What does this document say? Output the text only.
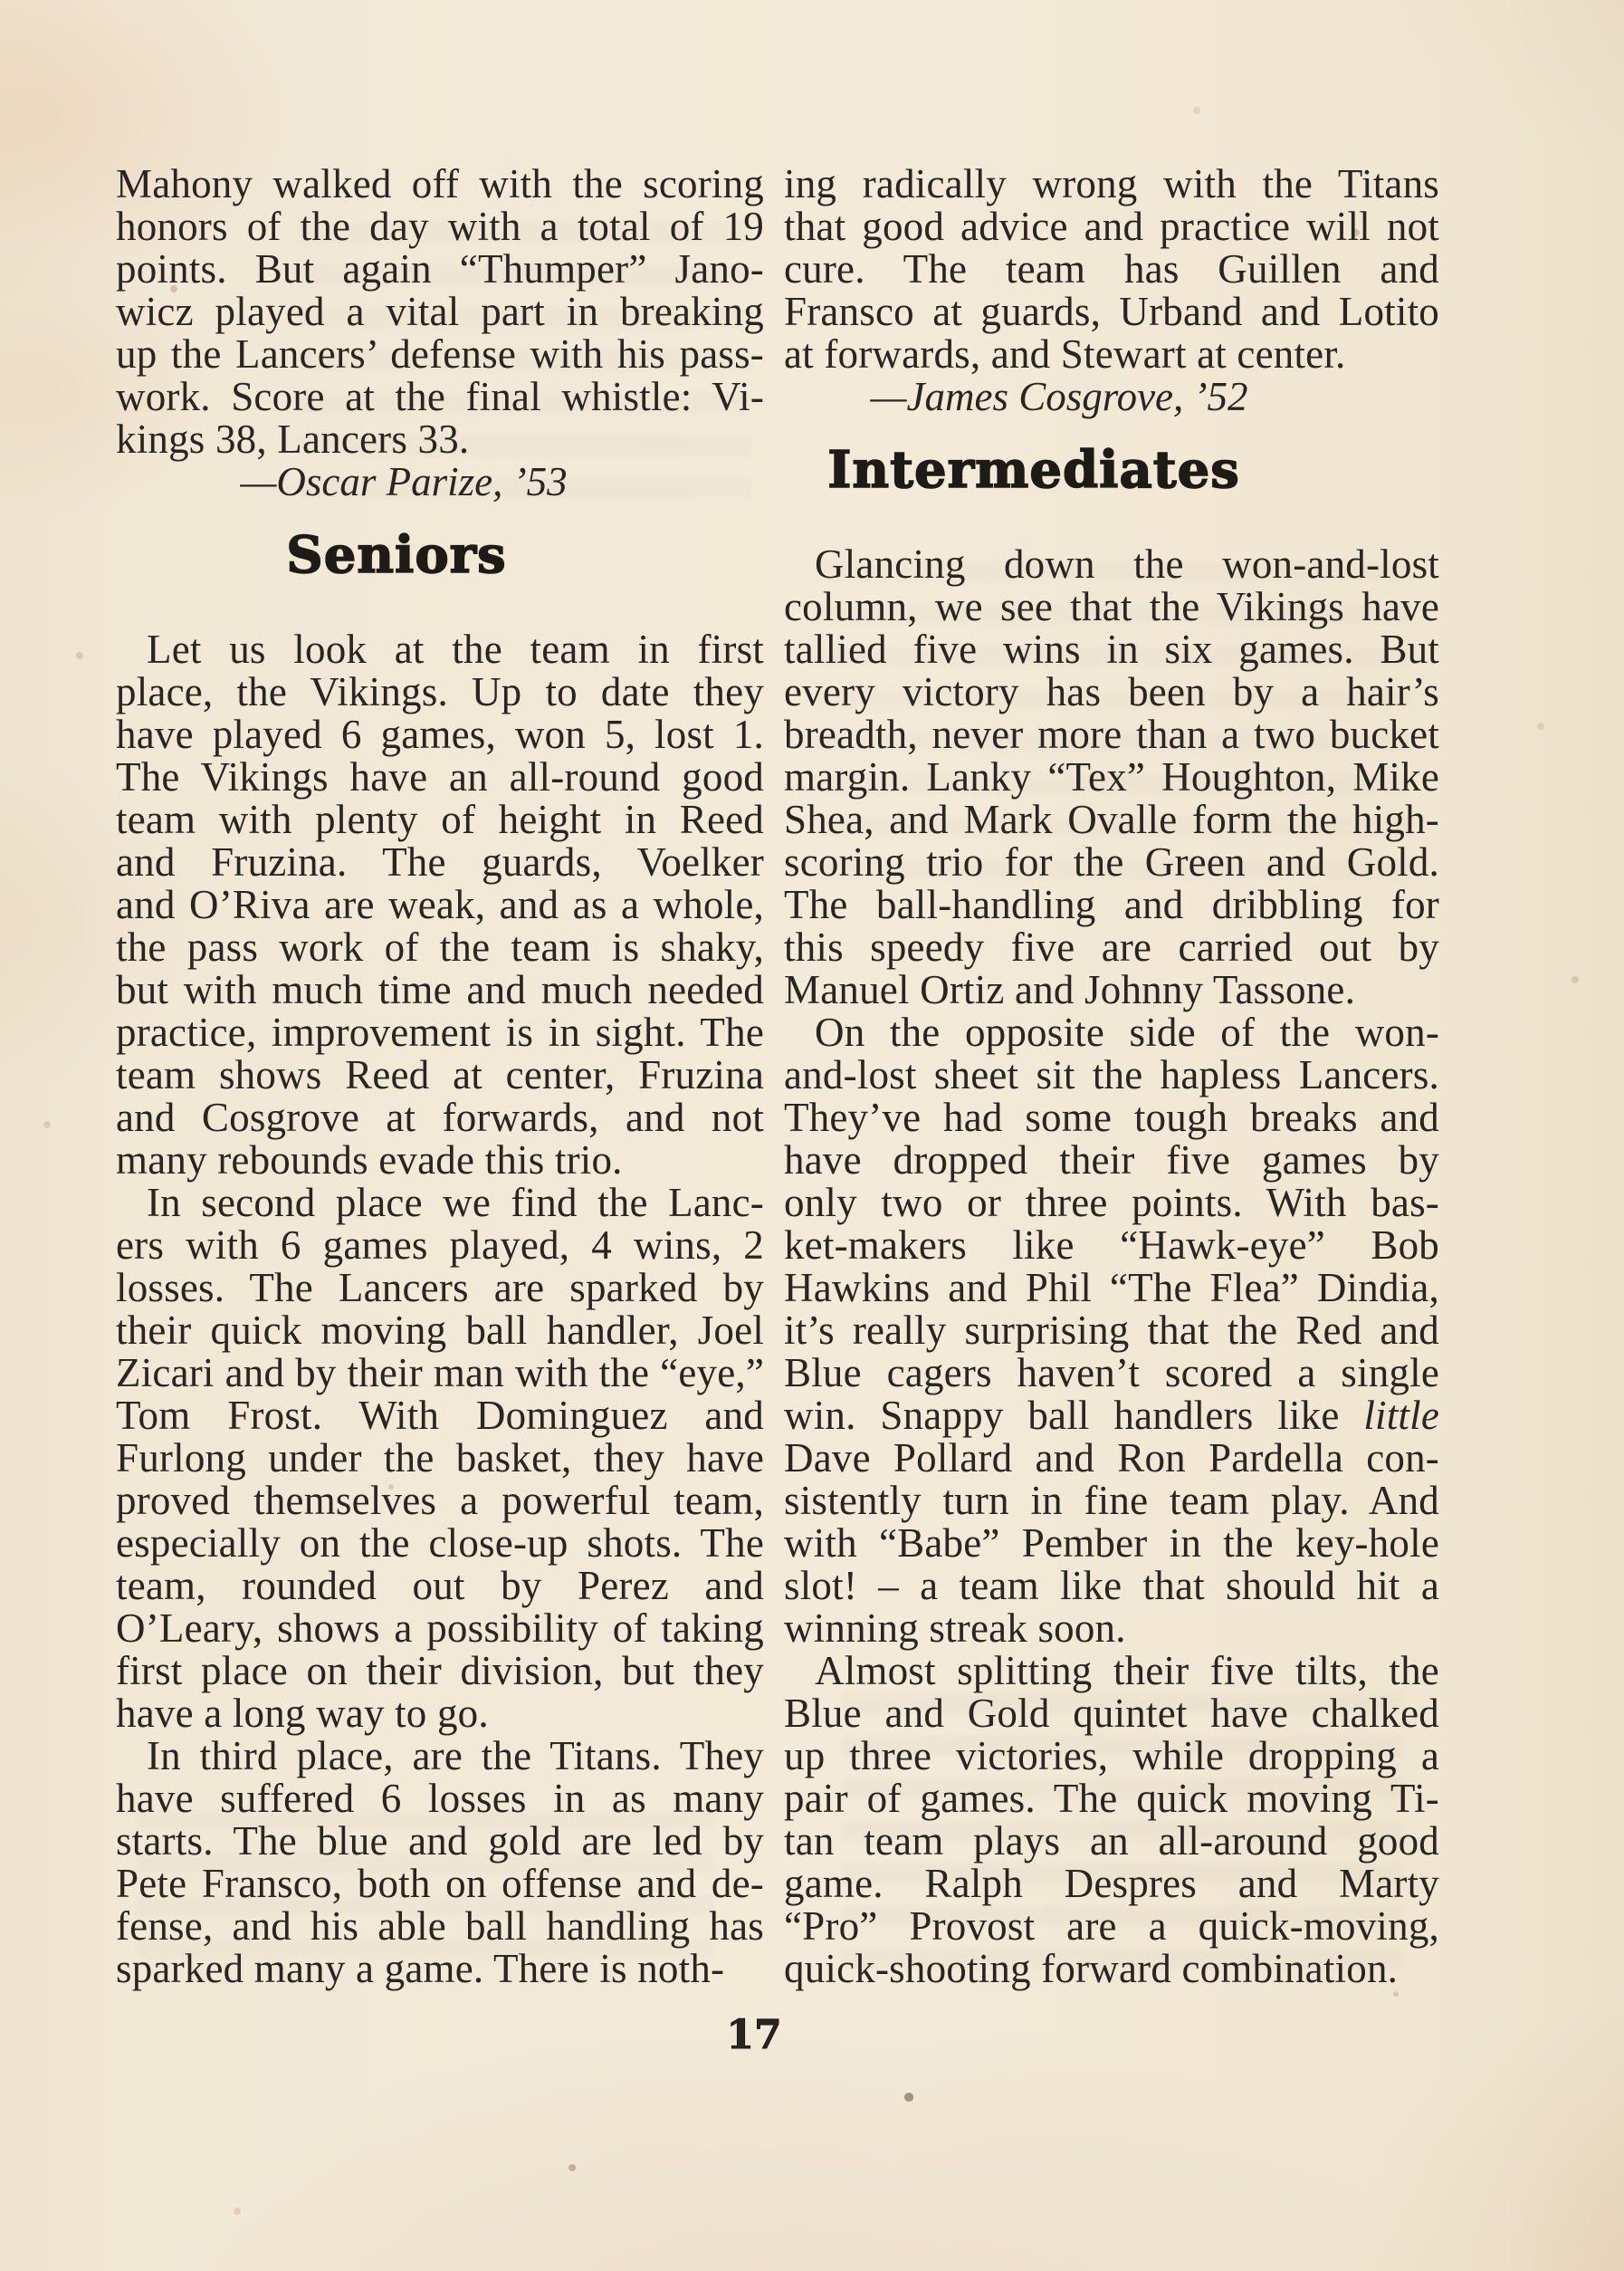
Mahony walked off with the scoring
honors of the day with a total of 19
points. But again “Thumper” Jano-
wicz played a vital part in breaking
up the Lancers’ defense with his pass-
work. Score at the final whistle: Vi-
kings 38, Lancers 33.
—Oscar Parize, ’53
Seniors
Let us look at the team in first
place, the Vikings. Up to date they
have played 6 games, won 5, lost 1.
The Vikings have an all-round good
team with plenty of height in Reed
and Fruzina. The guards, Voelker
and O’Riva are weak, and as a whole,
the pass work of the team is shaky,
but with much time and much needed
practice, improvement is in sight. The
team shows Reed at center, Fruzina
and Cosgrove at forwards, and not
many rebounds evade this trio.
In second place we find the Lanc-
ers with 6 games played, 4 wins, 2
losses. The Lancers are sparked by
their quick moving ball handler, Joel
Zicari and by their man with the “eye,”
Tom Frost. With Dominguez and
Furlong under the basket, they have
proved themselves a powerful team,
especially on the close-up shots. The
team, rounded out by Perez and
O’Leary, shows a possibility of taking
first place on their division, but they
have a long way to go.
In third place, are the Titans. They
have suffered 6 losses in as many
starts. The blue and gold are led by
Pete Fransco, both on offense and de-
fense, and his able ball handling has
sparked many a game. There is noth-
ing radically wrong with the Titans
that good advice and practice will not
cure. The team has Guillen and
Fransco at guards, Urband and Lotito
at forwards, and Stewart at center.
—James Cosgrove, ’52
Intermediates
Glancing down the won-and-lost
column, we see that the Vikings have
tallied five wins in six games. But
every victory has been by a hair’s
breadth, never more than a two bucket
margin. Lanky “Tex” Houghton, Mike
Shea, and Mark Ovalle form the high-
scoring trio for the Green and Gold.
The ball-handling and dribbling for
this speedy five are carried out by
Manuel Ortiz and Johnny Tassone.
On the opposite side of the won-
and-lost sheet sit the hapless Lancers.
They’ve had some tough breaks and
have dropped their five games by
only two or three points. With bas-
ket-makers like “Hawk-eye” Bob
Hawkins and Phil “The Flea” Dindia,
it’s really surprising that the Red and
Blue cagers haven’t scored a single
win. Snappy ball handlers like little
Dave Pollard and Ron Pardella con-
sistently turn in fine team play. And
with “Babe” Pember in the key-hole
slot! – a team like that should hit a
winning streak soon.
Almost splitting their five tilts, the
Blue and Gold quintet have chalked
up three victories, while dropping a
pair of games. The quick moving Ti-
tan team plays an all-around good
game. Ralph Despres and Marty
“Pro” Provost are a quick-moving,
quick-shooting forward combination.
17
